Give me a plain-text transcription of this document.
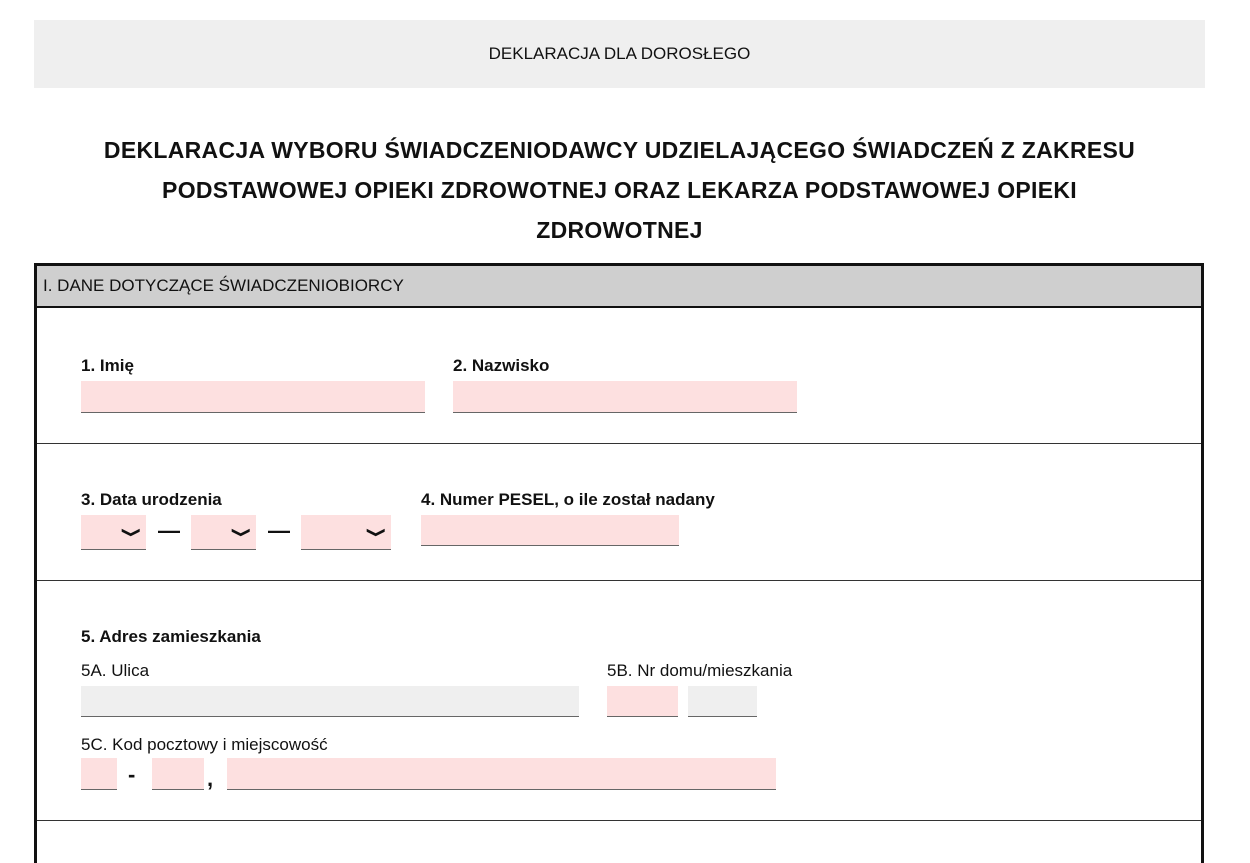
DEKLARACJA DLA DOROSŁEGO
DEKLARACJA WYBORU ŚWIADCZENIODAWCY UDZIELAJĄCEGO ŚWIADCZEŃ Z ZAKRESU
PODSTAWOWEJ OPIEKI ZDROWOTNEJ ORAZ LEKARZA PODSTAWOWEJ OPIEKI
ZDROWOTNEJ
I. DANE DOTYCZĄCE ŚWIADCZENIOBIORCY
1. Imię	2. Nazwisko
3. Data urodzenia
❯ —	❯ —	❯
4. Numer PESEL, o ile został nadany
5. Adres zamieszkania
5A. Ulica	5B. Nr domu/mieszkania
5C. Kod pocztowy i miejscowość
-	,
